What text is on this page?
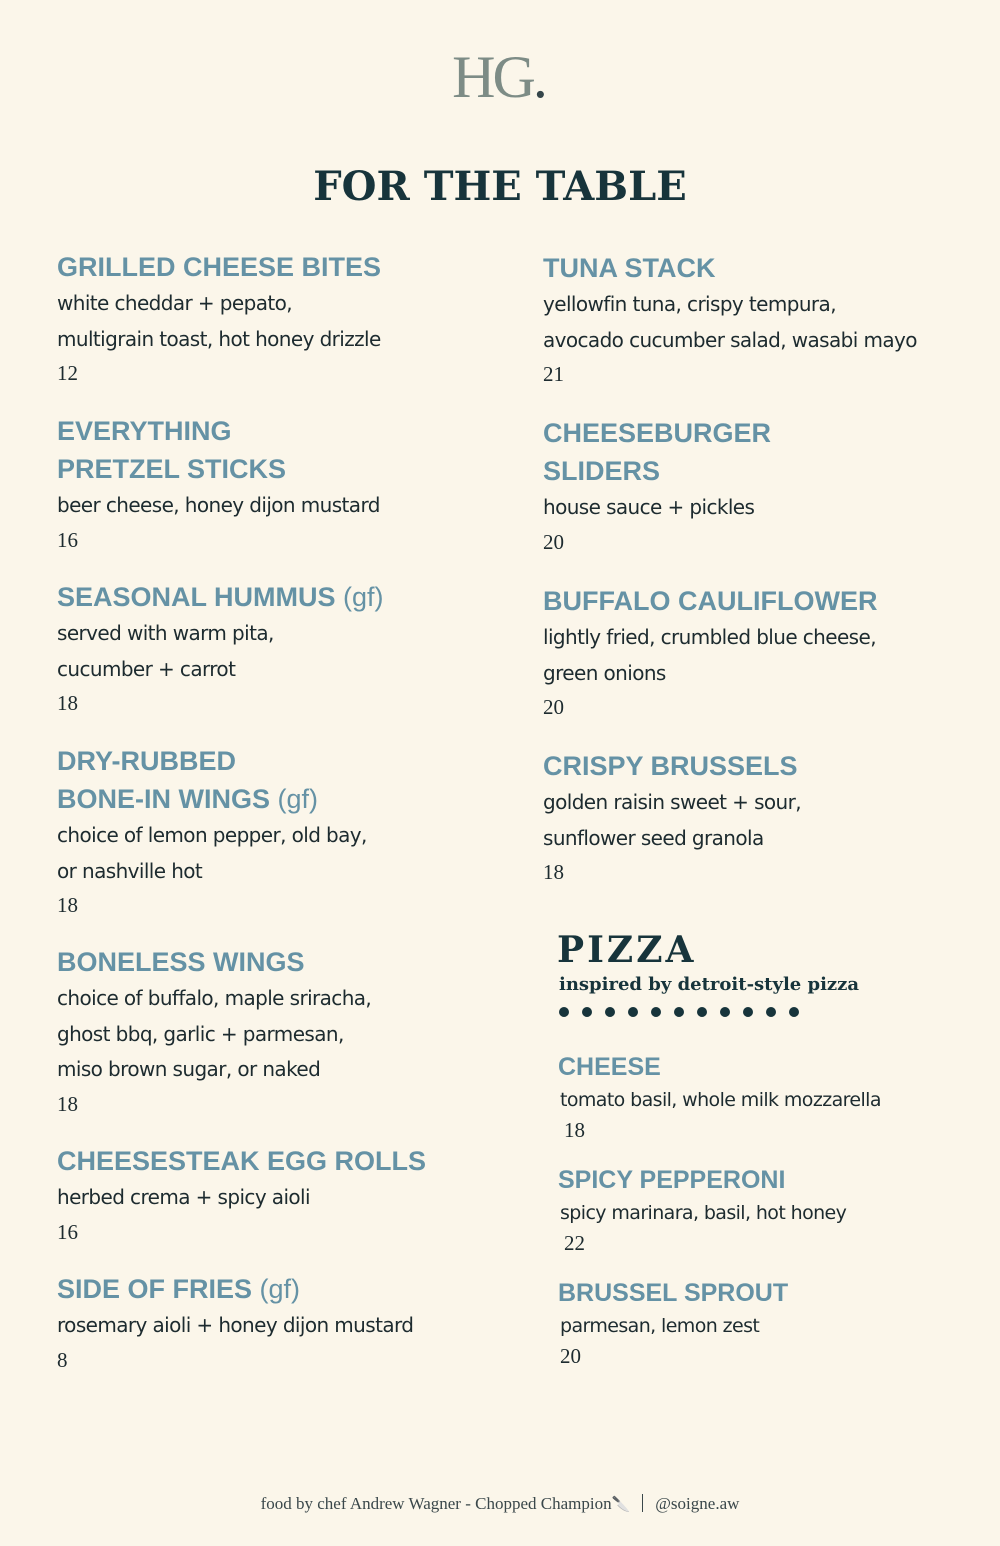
HG.
FOR THE TABLE
GRILLED CHEESE BITES
white cheddar + pepato,
multigrain toast, hot honey drizzle
12
EVERYTHING
PRETZEL STICKS
beer cheese, honey dijon mustard
16
SEASONAL HUMMUS (gf)
served with warm pita,
cucumber + carrot
18
DRY-RUBBED
BONE-IN WINGS (gf)
choice of lemon pepper, old bay,
or nashville hot
18
BONELESS WINGS
choice of buffalo, maple sriracha,
ghost bbq, garlic + parmesan,
miso brown sugar, or naked
18
CHEESESTEAK EGG ROLLS
herbed crema + spicy aioli
16
SIDE OF FRIES (gf)
rosemary aioli + honey dijon mustard
8
TUNA STACK
yellowfin tuna, crispy tempura,
avocado cucumber salad, wasabi mayo
21
CHEESEBURGER
SLIDERS
house sauce + pickles
20
BUFFALO CAULIFLOWER
lightly fried, crumbled blue cheese,
green onions
20
CRISPY BRUSSELS
golden raisin sweet + sour,
sunflower seed granola
18
PIZZA
inspired by detroit-style pizza
CHEESE
tomato basil, whole milk mozzarella
18
SPICY PEPPERONI
spicy marinara, basil, hot honey
22
BRUSSEL SPROUT
parmesan, lemon zest
20
food by chef Andrew Wagner - Chopped Champion🔪 @soigne.aw
